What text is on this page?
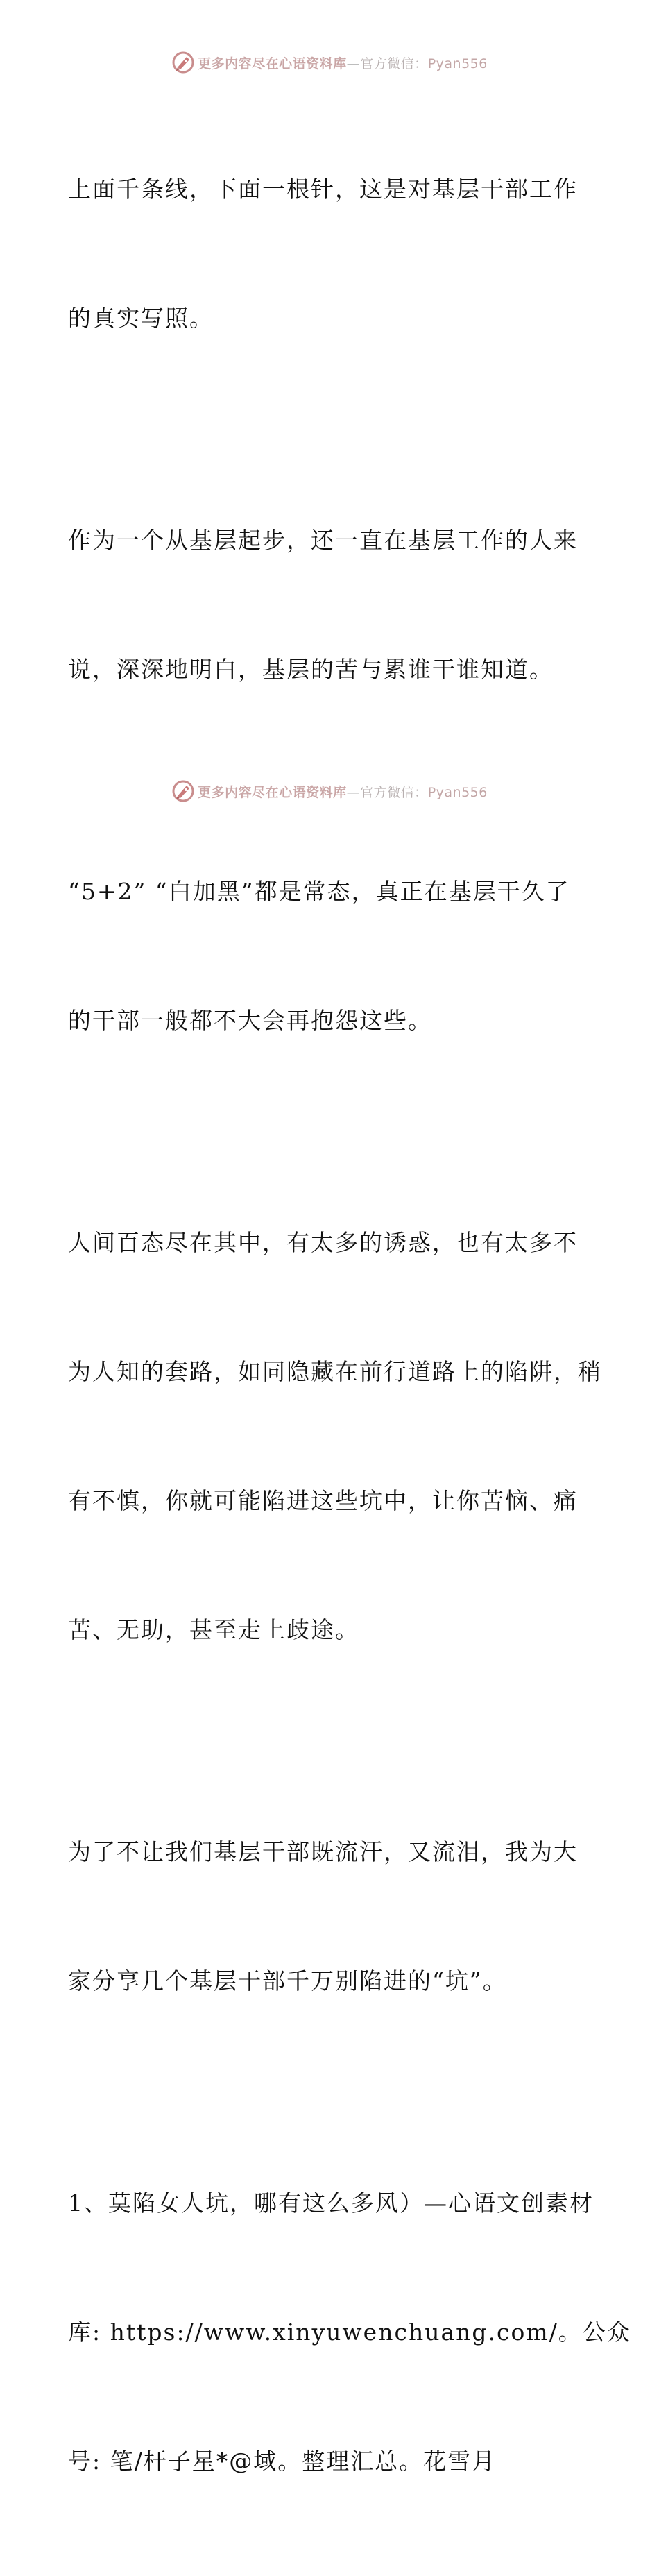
更多内容尽在心语资料库—官方微信：Pyan556

上面千条线，下面一根针，这是对基层干部工作

的真实写照。

作为一个从基层起步，还一直在基层工作的人来

说，深深地明白，基层的苦与累谁干谁知道。

“5+2” “白加黑”都是常态，真正在基层干久了

的干部一般都不大会再抱怨这些。

人间百态尽在其中，有太多的诱惑，也有太多不

为人知的套路，如同隐藏在前行道路上的陷阱，稍

有不慎，你就可能陷进这些坑中，让你苦恼、痛

苦、无助，甚至走上歧途。

为了不让我们基层干部既流汗，又流泪，我为大

家分享几个基层干部千万别陷进的“坑”。

1、莫陷女人坑，哪有这么多风）—心语文创素材

库: https://www.xinyuwenchuang.com/。公众

号: 笔/杆子星*@域。整理汇总。花雪月

更多内容尽在心语资料库—官方微信：Pyan556
